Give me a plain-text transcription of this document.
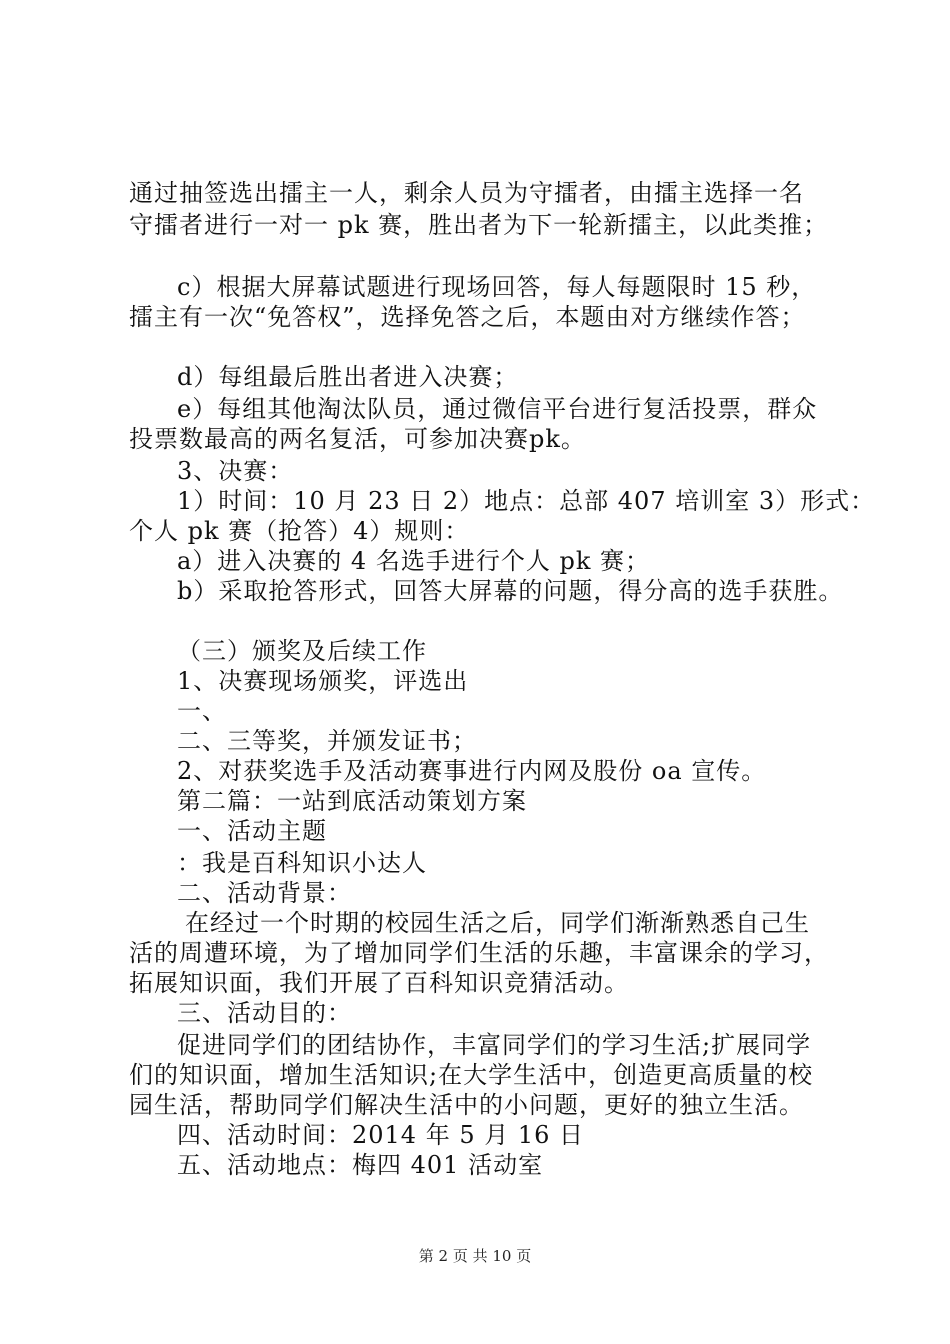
通过抽签选出擂主一人，剩余人员为守擂者，由擂主选择一名
守擂者进行一对一 pk 赛，胜出者为下一轮新擂主，以此类推；
c）根据大屏幕试题进行现场回答，每人每题限时 15 秒，
擂主有一次“免答权”，选择免答之后，本题由对方继续作答；
d）每组最后胜出者进入决赛；
e）每组其他淘汰队员，通过微信平台进行复活投票，群众
投票数最高的两名复活，可参加决赛pk。
3、决赛：
1）时间：10 月 23 日 2）地点：总部 407 培训室 3）形式：
个人 pk 赛（抢答）4）规则：
a）进入决赛的 4 名选手进行个人 pk 赛；
b）采取抢答形式，回答大屏幕的问题，得分高的选手获胜。
（三）颁奖及后续工作
1、决赛现场颁奖，评选出
一、
二、三等奖，并颁发证书；
2、对获奖选手及活动赛事进行内网及股份 oa 宣传。
第二篇：一站到底活动策划方案
一、活动主题
：我是百科知识小达人
二、活动背景：
在经过一个时期的校园生活之后，同学们渐渐熟悉自己生
活的周遭环境，为了增加同学们生活的乐趣，丰富课余的学习，
拓展知识面，我们开展了百科知识竞猜活动。
三、活动目的：
促进同学们的团结协作，丰富同学们的学习生活;扩展同学
们的知识面，增加生活知识;在大学生活中，创造更高质量的校
园生活，帮助同学们解决生活中的小问题，更好的独立生活。
四、活动时间：2014 年 5 月 16 日
五、活动地点：梅四 401 活动室
第 2 页 共 10 页
